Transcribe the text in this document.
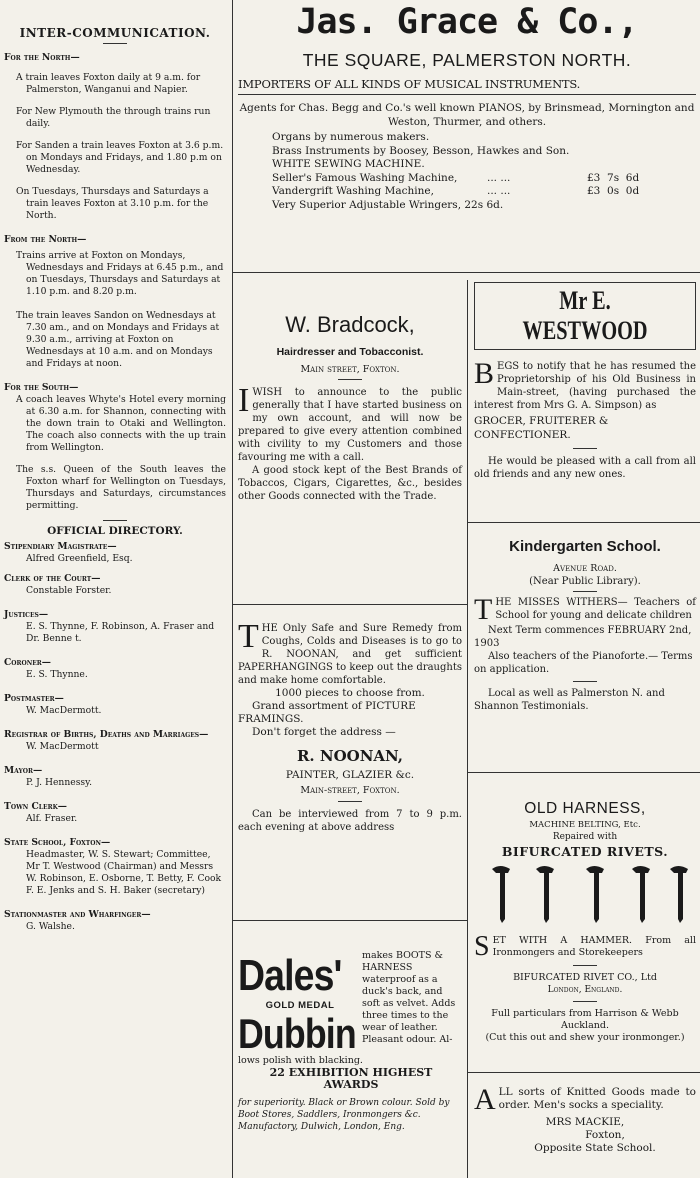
INTER-COMMUNICATION.

For the North—

A train leaves Foxton daily at 9 a.m. for Palmerston, Wanganui and Napier.

For New Plymouth the through trains run daily.

For Sanden a train leaves Foxton at 3.6 p.m. on Mondays and Fridays, and 1.80 p.m on Wednesday.

On Tuesdays, Thursdays and Saturdays a train leaves Foxton at 3.10 p.m. for the North.

From the North—

Trains arrive at Foxton on Mondays, Wednesdays and Fridays at 6.45 p.m., and on Tuesdays, Thursdays and Saturdays at 1.10 p.m. and 8.20 p.m.

The train leaves Sandon on Wednesdays at 7.30 am., and on Mondays and Fridays at 9.30 a.m., arriving at Foxton on Wednesdays at 10 a.m. and on Mondays and Fridays at noon.

For the South—

A coach leaves Whyte's Hotel every morning at 6.30 a.m. for Shannon, connecting with the down train to Otaki and Wellington. The coach also connects with the up train from Wellington.

The s.s. Queen of the South leaves the Foxton wharf for Wellington on Tuesdays, Thursdays and Saturdays, circumstances permitting.

OFFICIAL DIRECTORY.

Stipendiary Magistrate—

Alfred Greenfield, Esq.

Clerk of the Court—

Constable Forster.

Justices—

E. S. Thynne, F. Robinson, A. Fraser and Dr. Benne t.

Coroner—

E. S. Thynne.

Postmaster—

W. MacDermott.

Registrar of Births, Deaths and Marriages—

W. MacDermott

Mayor—

P. J. Hennessy.

Town Clerk—

Alf. Fraser.

State School, Foxton—

Headmaster, W. S. Stewart; Committee, Mr T. Westwood (Chairman) and Messrs W. Robinson, E. Osborne, T. Betty, F. Cook F. E. Jenks and S. H. Baker (secretary)

Stationmaster and Wharfinger—

G. Walshe.

Jas. Grace & Co.,

THE SQUARE, PALMERSTON NORTH.

IMPORTERS OF ALL KINDS OF MUSICAL INSTRUMENTS.

Agents for Chas. Begg and Co.'s well known PIANOS, by Brinsmead, Mornington and Weston, Thurmer, and others.

Organs by numerous makers.

Brass Instruments by Boosey, Besson, Hawkes and Son.

WHITE SEWING MACHINE.

Seller's Famous Washing Machine,	... ...	£3  7s  6d
Vandergrift Washing Machine,	... ...	£3  0s  0d

Very Superior Adjustable Wringers, 22s 6d.

W. Bradcock,

Hairdresser and Tobacconist.

Main street, Foxton.

I WISH to announce to the public generally that I have started business on my own account, and will now be prepared to give every attention combined with civility to my Customers and those favouring me with a call.

A good stock kept of the Best Brands of Tobaccos, Cigars, Cigarettes, &c., besides other Goods connected with the Trade.

Mr E. WESTWOOD

B EGS to notify that he has resumed the Proprietorship of his Old Business in Main-street, (having purchased the interest from Mrs G. A. Simpson) as

GROCER, FRUITERER & CONFECTIONER.

He would be pleased with a call from all old friends and any new ones.

T HE Only Safe and Sure Remedy from Coughs, Colds and Diseases is to go to R. NOONAN, and get sufficient PAPERHANGINGS to keep out the draughts and make home comfortable.

1000 pieces to choose from.

Grand assortment of PICTURE FRAMINGS.

Don't forget the address —

R. NOONAN,

PAINTER, GLAZIER &c.

Main-street, Foxton.

Can be interviewed from 7 to 9 p.m. each evening at above address

Kindergarten School.

Avenue Road.

(Near Public Library).

T HE MISSES WITHERS— Teachers of School for young and delicate children

Next Term commences FEBRUARY 2nd, 1903

Also teachers of the Pianoforte.— Terms on application.

Local as well as Palmerston N. and Shannon Testimonials.

OLD HARNESS,

MACHINE BELTING, Etc.

Repaired with

BIFURCATED RIVETS.

S ET WITH A HAMMER. From all Ironmongers and Storekeepers

BIFURCATED RIVET CO., Ltd

London, England.

Full particulars from Harrison & Webb Auckland.

(Cut this out and shew your ironmonger.)

Dales'

GOLD MEDAL

Dubbin

makes BOOTS & HARNESS waterproof as a duck's back, and soft as velvet. Adds three times to the wear of leather. Pleasant odour. Al-

lows polish with blacking.

22 EXHIBITION HIGHEST AWARDS

for superiority. Black or Brown colour. Sold by Boot Stores, Saddlers, Ironmongers &c. Manufactory, Dulwich, London, Eng.

A LL sorts of Knitted Goods made to order. Men's socks a speciality.

MRS MACKIE,

Foxton,

Opposite State School.
